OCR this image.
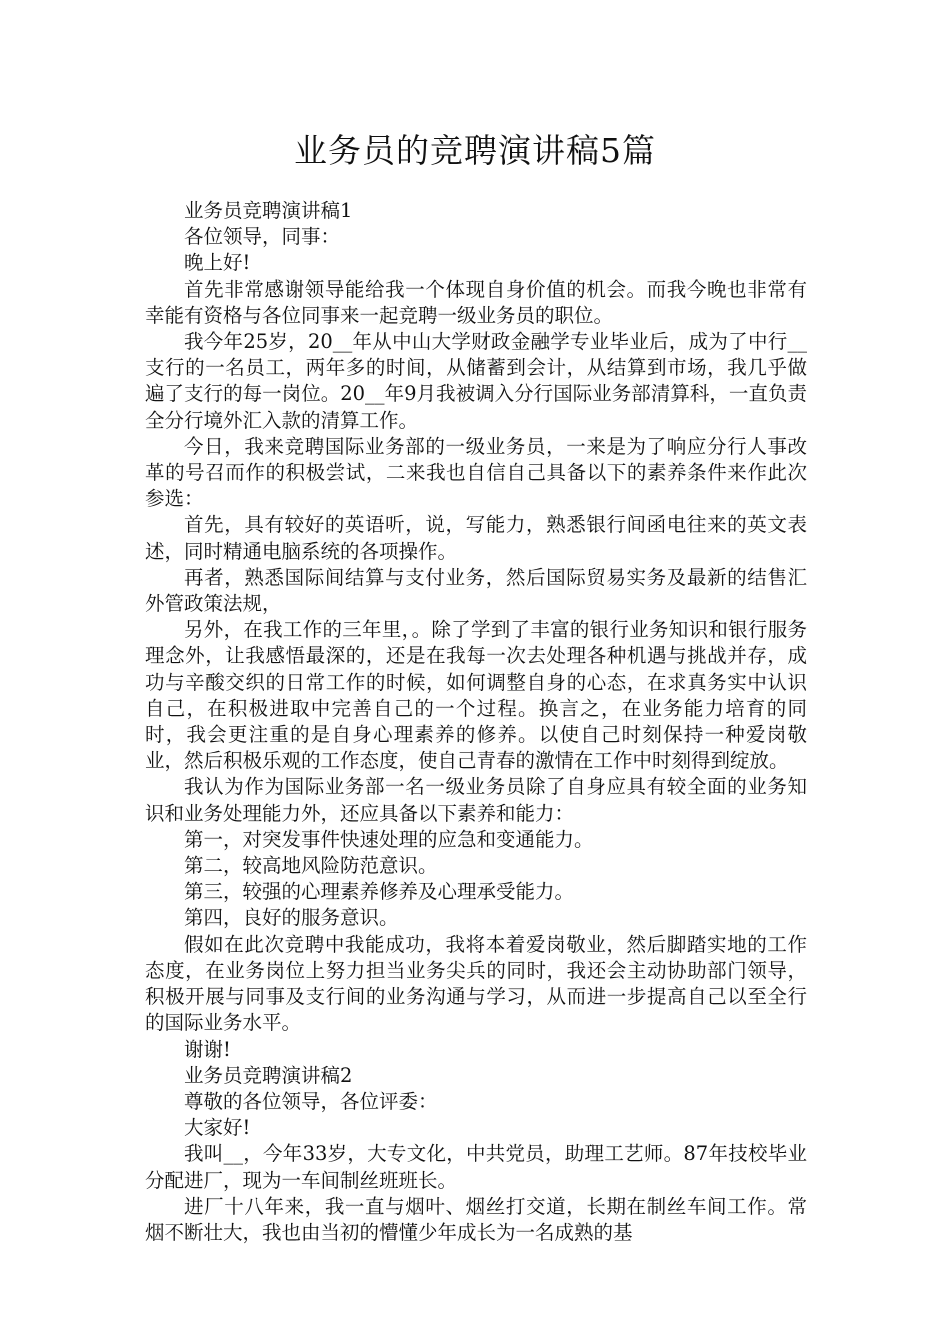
业务员的竞聘演讲稿5篇

业务员竞聘演讲稿1

各位领导，同事：

晚上好!

首先非常感谢领导能给我一个体现自身价值的机会。而我今晚也非常有幸能有资格与各位同事来一起竞聘一级业务员的职位。

我今年25岁，20__年从中山大学财政金融学专业毕业后，成为了中行__支行的一名员工，两年多的时间，从储蓄到会计，从结算到市场，我几乎做遍了支行的每一岗位。20__年9月我被调入分行国际业务部清算科，一直负责全分行境外汇入款的清算工作。

今日，我来竞聘国际业务部的一级业务员，一来是为了响应分行人事改革的号召而作的积极尝试，二来我也自信自己具备以下的素养条件来作此次参选：

首先，具有较好的英语听，说，写能力，熟悉银行间函电往来的英文表述，同时精通电脑系统的各项操作。

再者，熟悉国际间结算与支付业务，然后国际贸易实务及最新的结售汇外管政策法规，

另外，在我工作的三年里，。除了学到了丰富的银行业务知识和银行服务理念外，让我感悟最深的，还是在我每一次去处理各种机遇与挑战并存，成功与辛酸交织的日常工作的时候，如何调整自身的心态，在求真务实中认识自己，在积极进取中完善自己的一个过程。换言之，在业务能力培育的同时，我会更注重的是自身心理素养的修养。以使自己时刻保持一种爱岗敬业，然后积极乐观的工作态度，使自己青春的激情在工作中时刻得到绽放。

我认为作为国际业务部一名一级业务员除了自身应具有较全面的业务知识和业务处理能力外，还应具备以下素养和能力：

第一，对突发事件快速处理的应急和变通能力。

第二，较高地风险防范意识。

第三，较强的心理素养修养及心理承受能力。

第四，良好的服务意识。

假如在此次竞聘中我能成功，我将本着爱岗敬业，然后脚踏实地的工作态度，在业务岗位上努力担当业务尖兵的同时，我还会主动协助部门领导，积极开展与同事及支行间的业务沟通与学习，从而进一步提高自己以至全行的国际业务水平。

谢谢!

业务员竞聘演讲稿2

尊敬的各位领导，各位评委：

大家好!

我叫__，今年33岁，大专文化，中共党员，助理工艺师。87年技校毕业分配进厂，现为一车间制丝班班长。

进厂十八年来，我一直与烟叶、烟丝打交道，长期在制丝车间工作。常烟不断壮大，我也由当初的懵懂少年成长为一名成熟的基
